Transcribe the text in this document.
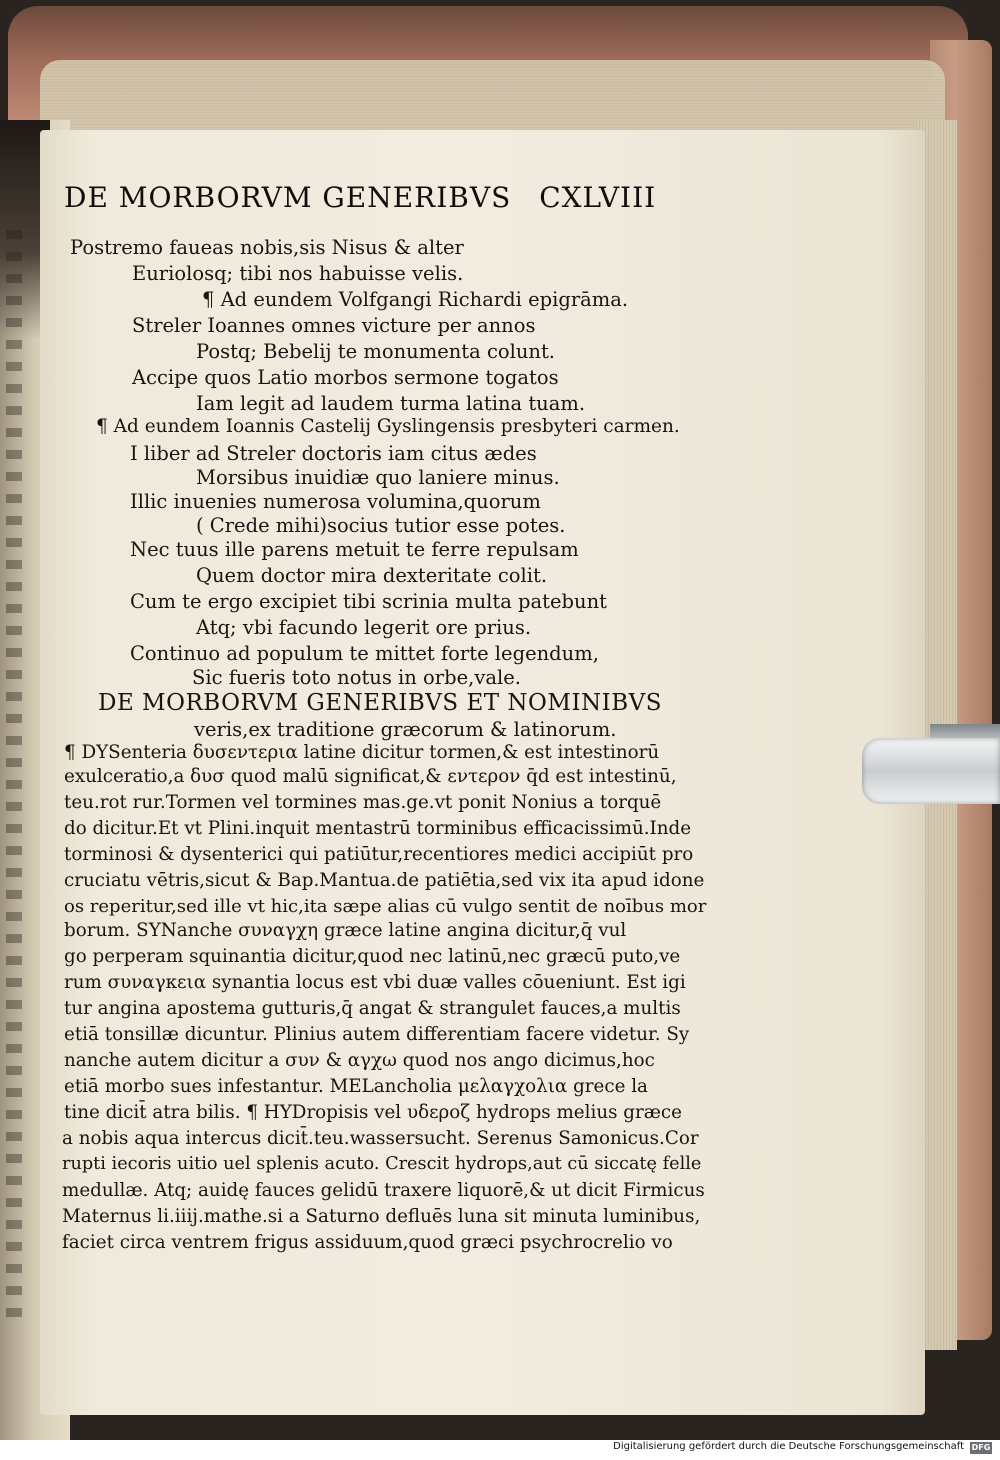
DE MORBORVM GENERIBVS CXLVIII
Postremo faueas nobis,sis Nisus & alter
Euriolosq; tibi nos habuisse velis.
¶ Ad eundem Volfgangi Richardi epigrāma.
Streler Ioannes omnes victure per annos
Postq; Bebelij te monumenta colunt.
Accipe quos Latio morbos sermone togatos
Iam legit ad laudem turma latina tuam.
¶ Ad eundem Ioannis Castelij Gyslingensis presbyteri carmen.
I liber ad Streler doctoris iam citus ædes
Morsibus inuidiæ quo laniere minus.
Illic inuenies numerosa volumina,quorum
( Crede mihi)socius tutior esse potes.
Nec tuus ille parens metuit te ferre repulsam
Quem doctor mira dexteritate colit.
Cum te ergo excipiet tibi scrinia multa patebunt
Atq; vbi facundo legerit ore prius.
Continuo ad populum te mittet forte legendum,
Sic fueris toto notus in orbe,vale.
DE MORBORVM GENERIBVS ET NOMINIBVS
veris,ex traditione græcorum & latinorum.
¶ DYSenteria δυσεντερια latine dicitur tormen,& est intestinorū
exulceratio,a δυσ quod malū significat,& εντερον q̄d est intestinū,
teu.rot rur.Tormen vel tormines mas.ge.vt ponit Nonius a torquē
do dicitur.Et vt Plini.inquit mentastrū torminibus efficacissimū.Inde
torminosi & dysenterici qui patiūtur,recentiores medici accipiūt pro
cruciatu vētris,sicut & Bap.Mantua.de patiētia,sed vix ita apud idone
os reperitur,sed ille vt hic,ita sæpe alias cū vulgo sentit de noībus mor
borum. SYNanche συναγχη græce latine angina dicitur,q̄ vul
go perperam squinantia dicitur,quod nec latinū,nec græcū puto,ve
rum συναγκεια synantia locus est vbi duæ valles cōueniunt. Est igi
tur angina apostema gutturis,q̄ angat & strangulet fauces,a multis
etiā tonsillæ dicuntur. Plinius autem differentiam facere videtur. Sy
nanche autem dicitur a συν & αγχω quod nos ango dicimus,hoc
etiā morbo sues infestantur. MELancholia μελαγχολια grece la
tine dicit̄ atra bilis. ¶ HYDropisis vel υδεροζ hydrops melius græce
a nobis aqua intercus dicit̄.teu.wassersucht. Serenus Samonicus.Cor
rupti iecoris uitio uel splenis acuto. Crescit hydrops,aut cū siccatę felle
medullæ. Atq; auidę fauces gelidū traxere liquorē,& ut dicit Firmicus
Maternus li.iiij.mathe.si a Saturno defluēs luna sit minuta luminibus,
faciet circa ventrem frigus assiduum,quod græci psychrocrelio vo
Digitalisierung gefördert durch die Deutsche Forschungsgemeinschaft DFG
